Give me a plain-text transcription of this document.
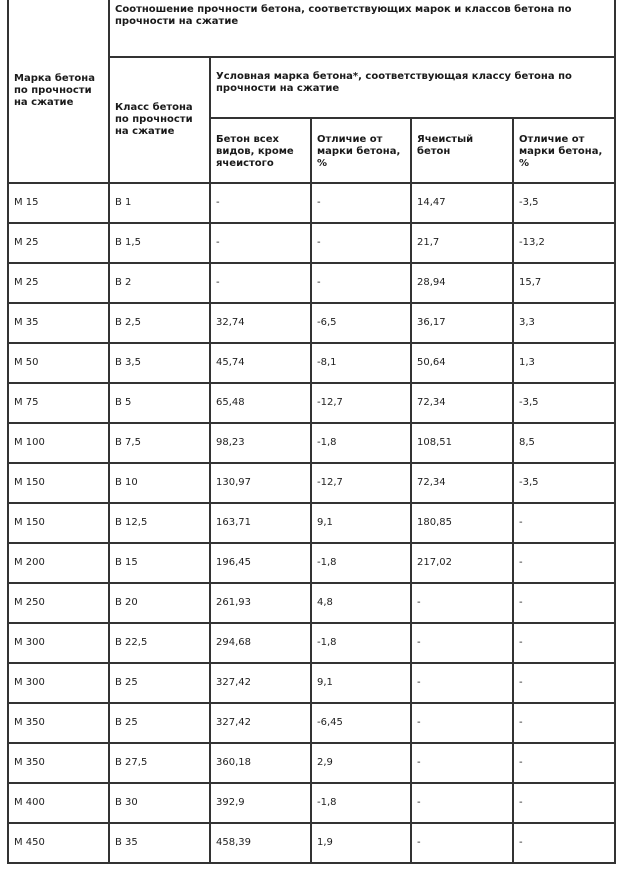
Марка бетона по прочности на сжатие	Соотношение прочности бетона, соответствующих марок и классов бетона по прочности на сжатие				
	Класс бетона по прочности на сжатие	Условная марка бетона*, соответствующая классу бетона по прочности на сжатие			
		Бетон всех видов, кроме ячеистого	Отличие от марки бетона, %	Ячеистый бетон	Отличие от марки бетона, %
М 15	В 1	-	-	14,47	-3,5
М 25	В 1,5	-	-	21,7	-13,2
М 25	В 2	-	-	28,94	15,7
М 35	В 2,5	32,74	-6,5	36,17	3,3
М 50	В 3,5	45,74	-8,1	50,64	1,3
М 75	В 5	65,48	-12,7	72,34	-3,5
М 100	В 7,5	98,23	-1,8	108,51	8,5
М 150	В 10	130,97	-12,7	72,34	-3,5
М 150	В 12,5	163,71	9,1	180,85	-
М 200	В 15	196,45	-1,8	217,02	-
М 250	В 20	261,93	4,8	-	-
М 300	В 22,5	294,68	-1,8	-	-
М 300	В 25	327,42	9,1	-	-
М 350	В 25	327,42	-6,45	-	-
М 350	В 27,5	360,18	2,9	-	-
М 400	В 30	392,9	-1,8	-	-
М 450	В 35	458,39	1,9	-	-
